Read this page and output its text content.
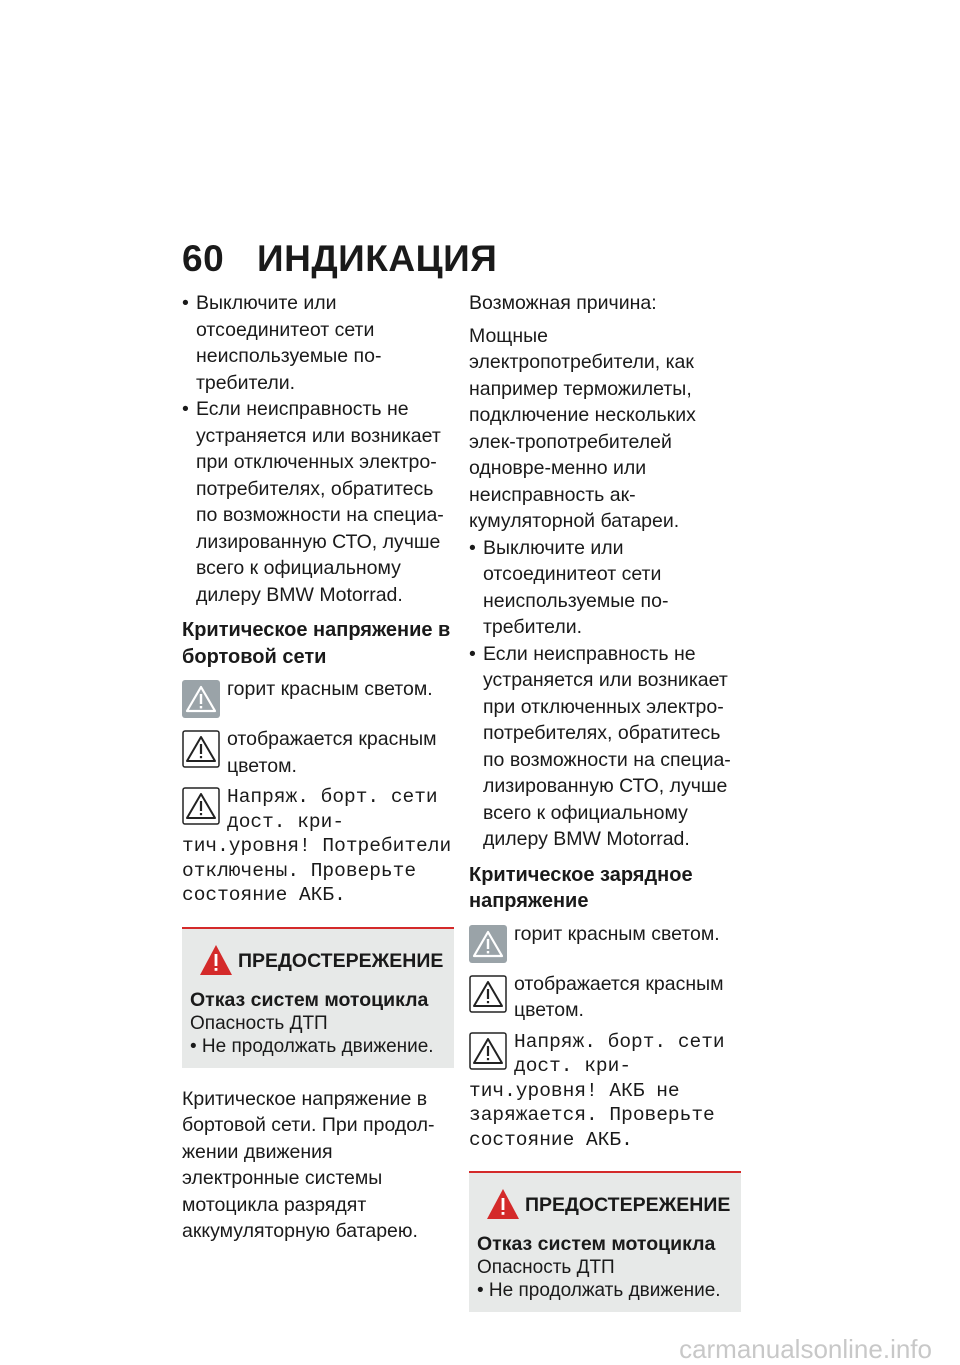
60 ИНДИКАЦИЯ
• Выключите или отсоединитеот сети неиспользуемые по-требители.
• Если неисправность не устраняется или возникает при отключенных электро-потребителях, обратитесь по возможности на специа-лизированную СТО, лучше всего к официальному дилеру BMW Motorrad.
Критическое напряжение в бортовой сети
горит красным светом.
отображается красным цветом.
Напряж. борт. сети дост. кри-
тич.уровня! Потребители отключены. Проверьте состояние АКБ.
ПРЕДОСТЕРЕЖЕНИЕ
Отказ систем мотоцикла
Опасность ДТП
• Не продолжать движение.
Критическое напряжение в бортовой сети. При продол-жении движения электронные системы мотоцикла разрядят аккумуляторную батарею.
Возможная причина:
Мощные электропотребители, как например терможилеты, подключение нескольких элек-тропотребителей одновре-менно или неисправность ак-кумуляторной батареи.
• Выключите или отсоединитеот сети неиспользуемые по-требители.
• Если неисправность не устраняется или возникает при отключенных электро-потребителях, обратитесь по возможности на специа-лизированную СТО, лучше всего к официальному дилеру BMW Motorrad.
Критическое зарядное напряжение
горит красным светом.
отображается красным цветом.
Напряж. борт. сети дост. кри-
тич.уровня! АКБ не заряжается. Проверьте состояние АКБ.
ПРЕДОСТЕРЕЖЕНИЕ
Отказ систем мотоцикла
Опасность ДТП
• Не продолжать движение.
carmanualsonline.info
